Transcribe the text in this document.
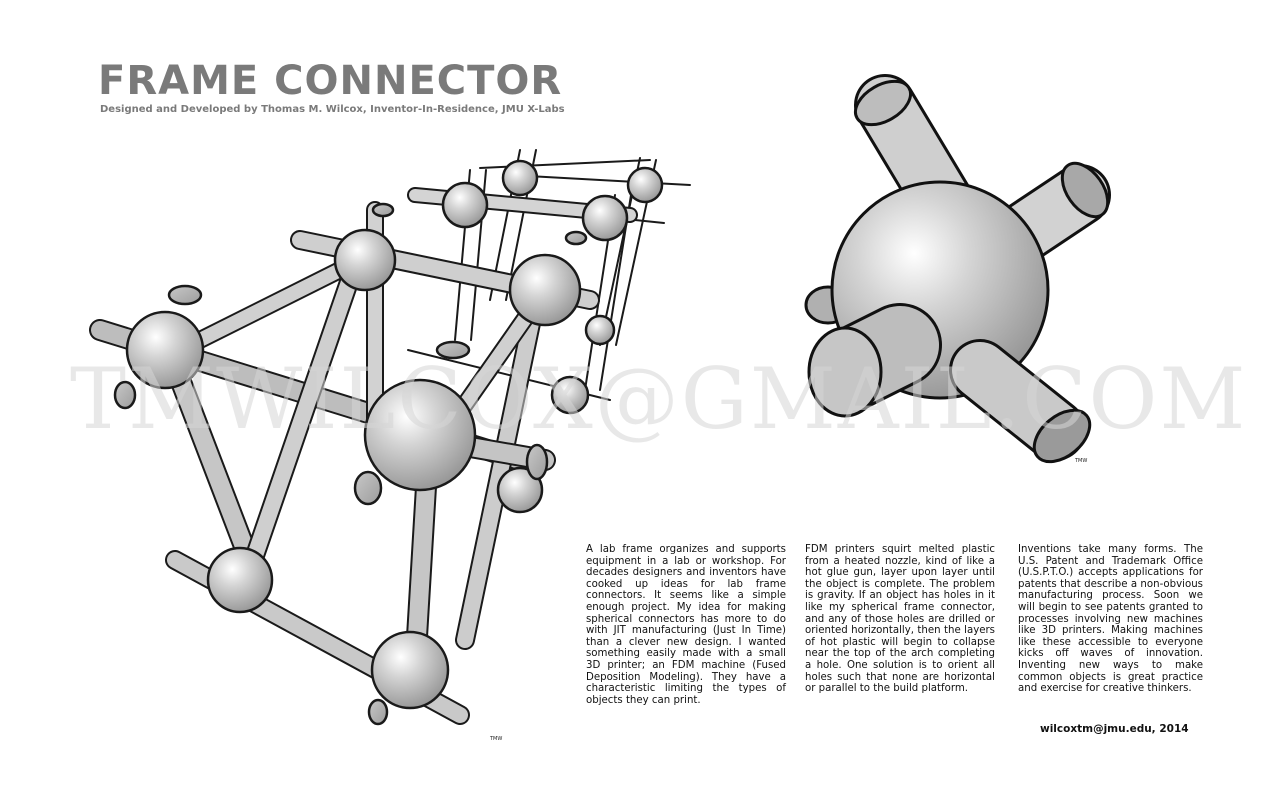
FRAME CONNECTOR
Designed and Developed by Thomas M. Wilcox, Inventor-In-Residence, JMU X-Labs
TMW
TMW
TMWILCOX@GMAIL.COM
A lab frame organizes and supports equipment in a lab or workshop. For decades designers and inventors have cooked up ideas for lab frame connectors. It seems like a simple enough project. My idea for making spherical connectors has more to do with JIT manufacturing (Just In Time) than a clever new design. I wanted something easily made with a small 3D printer; an FDM machine (Fused Deposition Modeling). They have a characteristic limiting the types of objects they can print.
FDM printers squirt melted plastic from a heated nozzle, kind of like a hot glue gun, layer upon layer until the object is complete. The problem is gravity. If an object has holes in it like my spherical frame connector, and any of those holes are drilled or oriented horizontally, then the layers of hot plastic will begin to collapse near the top of the arch completing a hole. One solution is to orient all holes such that none are horizontal or parallel to the build platform.
Inventions take many forms. The U.S. Patent and Trademark Office (U.S.P.T.O.) accepts applications for patents that describe a non-obvious manufacturing process. Soon we will begin to see patents granted to processes involving new machines like 3D printers. Making machines like these accessible to everyone kicks off waves of innovation. Inventing new ways to make common objects is great practice and exercise for creative thinkers.
wilcoxtm@jmu.edu, 2014
